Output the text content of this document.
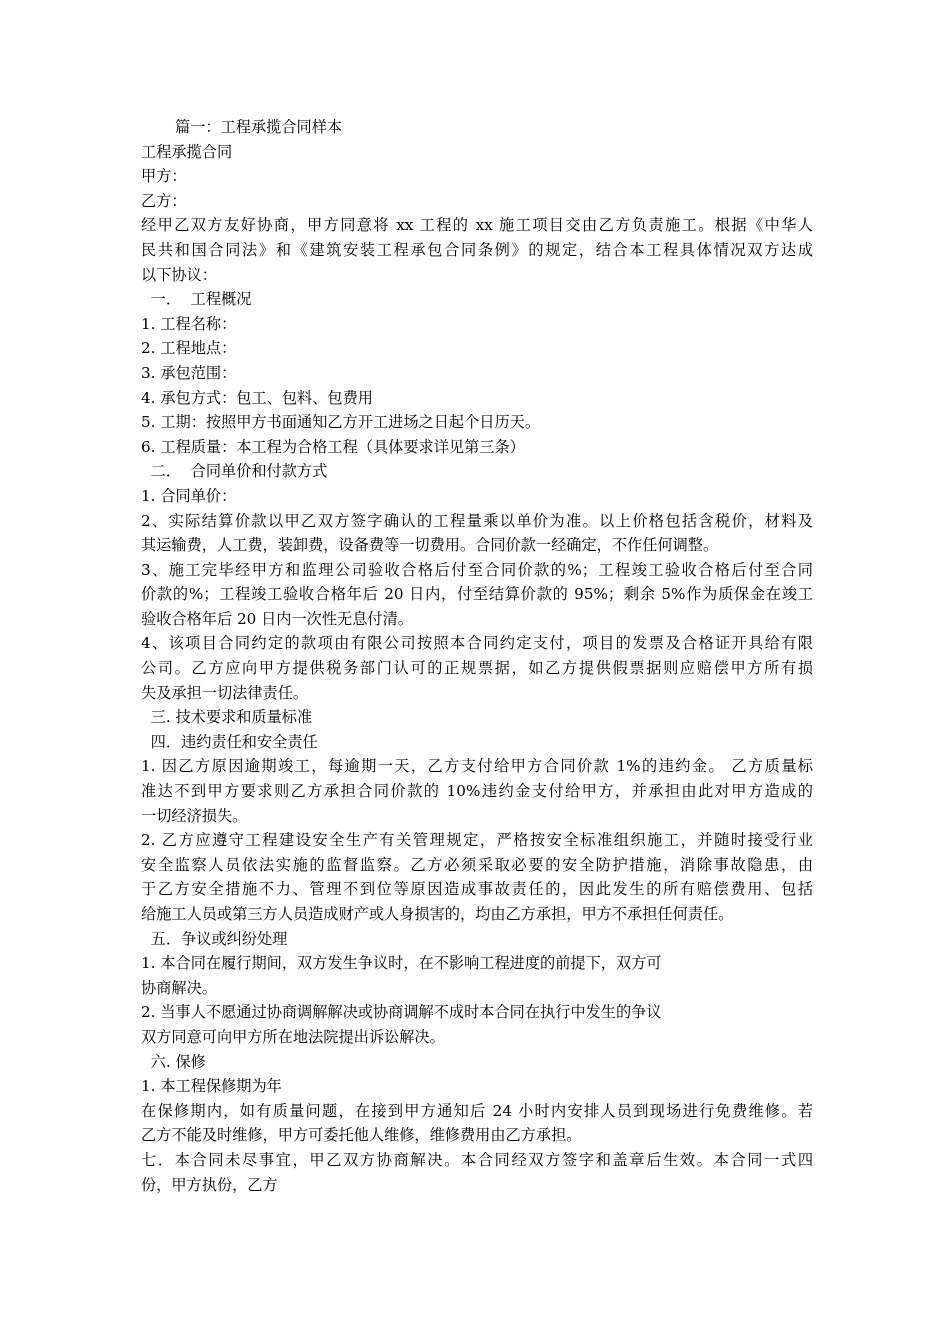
篇一：工程承揽合同样本
工程承揽合同
甲方：
乙方：
经甲乙双方友好协商，甲方同意将 xx 工程的 xx 施工项目交由乙方负责施工。根据《中华人
民共和国合同法》和《建筑安装工程承包合同条例》的规定，结合本工程具体情况双方达成
以下协议：
一．  工程概况
1. 工程名称：
2. 工程地点：
3. 承包范围：
4. 承包方式：包工、包料、包费用
5. 工期：按照甲方书面通知乙方开工进场之日起个日历天。
6. 工程质量：本工程为合格工程（具体要求详见第三条）
二．  合同单价和付款方式
1. 合同单价：
2、实际结算价款以甲乙双方签字确认的工程量乘以单价为准。以上价格包括含税价，材料及
其运输费，人工费，装卸费，设备费等一切费用。合同价款一经确定，不作任何调整。
3、施工完毕经甲方和监理公司验收合格后付至合同价款的%；工程竣工验收合格后付至合同
价款的%；工程竣工验收合格年后 20 日内，付至结算价款的 95%；剩余 5%作为质保金在竣工
验收合格年后 20 日内一次性无息付清。
4、该项目合同约定的款项由有限公司按照本合同约定支付，项目的发票及合格证开具给有限
公司。乙方应向甲方提供税务部门认可的正规票据，如乙方提供假票据则应赔偿甲方所有损
失及承担一切法律责任。
三. 技术要求和质量标准
四．违约责任和安全责任
1. 因乙方原因逾期竣工，每逾期一天，乙方支付给甲方合同价款 1%的违约金。 乙方质量标
准达不到甲方要求则乙方承担合同价款的 10%违约金支付给甲方，并承担由此对甲方造成的
一切经济损失。
2. 乙方应遵守工程建设安全生产有关管理规定，严格按安全标准组织施工，并随时接受行业
安全监察人员依法实施的监督监察。乙方必须采取必要的安全防护措施，消除事故隐患，由
于乙方安全措施不力、管理不到位等原因造成事故责任的，因此发生的所有赔偿费用、包括
给施工人员或第三方人员造成财产或人身损害的，均由乙方承担，甲方不承担任何责任。
五．争议或纠纷处理
1. 本合同在履行期间，双方发生争议时，在不影响工程进度的前提下，双方可
协商解决。
2. 当事人不愿通过协商调解解决或协商调解不成时本合同在执行中发生的争议
双方同意可向甲方所在地法院提出诉讼解决。
六. 保修
1. 本工程保修期为年
在保修期内，如有质量问题，在接到甲方通知后 24 小时内安排人员到现场进行免费维修。若
乙方不能及时维修，甲方可委托他人维修，维修费用由乙方承担。
七．本合同未尽事宜，甲乙双方协商解决。本合同经双方签字和盖章后生效。本合同一式四
份，甲方执份，乙方
